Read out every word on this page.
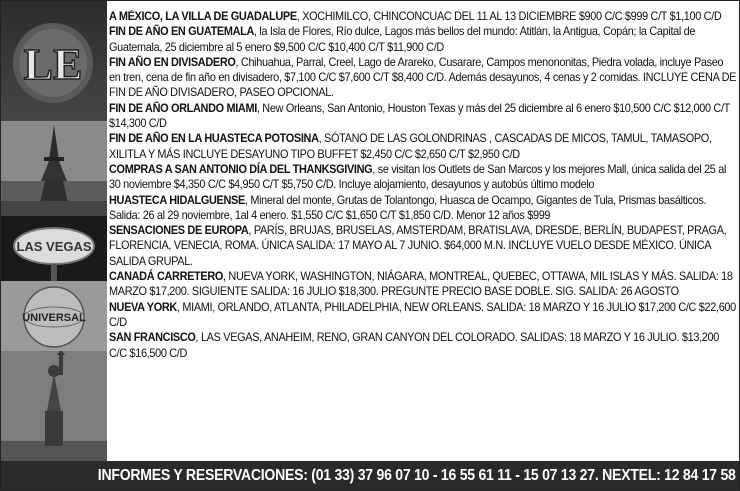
LE
LAS VEGAS
UNIVERSAL

A MÉXICO, LA VILLA DE GUADALUPE, XOCHIMILCO, CHINCONCUAC DEL 11 AL 13 DICIEMBRE $900 C/C $999 C/T $1,100 C/D

FIN DE AÑO EN GUATEMALA, la Isla de Flores, Río dulce, Lagos más bellos del mundo: Atitlán, la Antigua, Copán; la Capital de Guatemala, 25 diciembre al 5 enero $9,500 C/C $10,400 C/T $11,900 C/D

FIN AÑO EN DIVISADERO, Chihuahua, Parral, Creel, Lago de Arareko, Cusarare, Campos menononitas, Piedra volada, incluye Paseo en tren, cena de fin año en divisadero, $7,100 C/C $7,600 C/T $8,400 C/D. Además desayunos, 4 cenas y 2 comidas. INCLUYE CENA DE FIN DE AÑO DIVISADERO, PASEO OPCIONAL.

FIN DE AÑO ORLANDO MIAMI, New Orleans, San Antonio, Houston Texas y más del 25 diciembre al 6 enero $10,500 C/C $12,000 C/T $14,300 C/D

FIN DE AÑO EN LA HUASTECA POTOSINA, SÓTANO DE LAS GOLONDRINAS , CASCADAS DE MICOS, TAMUL, TAMASOPO, XILITLA Y MÁS INCLUYE DESAYUNO TIPO BUFFET $2,450 C/C $2,650 C/T $2,950 C/D

COMPRAS A SAN ANTONIO DÍA DEL THANKSGIVING, se visitan los Outlets de San Marcos y los mejores Mall, única salida del 25 al 30 noviembre $4,350 C/C $4,950 C/T $5,750 C/D. Incluye alojamiento, desayunos y autobús último modelo

HUASTECA HIDALGUENSE, Mineral del monte, Grutas de Tolantongo, Huasca de Ocampo, Gigantes de Tula, Prismas basálticos. Salida: 26 al 29 noviembre, 1al 4 enero. $1,550 C/C $1,650 C/T $1,850 C/D. Menor 12 años $999

SENSACIONES DE EUROPA, PARÍS, BRUJAS, BRUSELAS, AMSTERDAM, BRATISLAVA, DRESDE, BERLÍN, BUDAPEST, PRAGA, FLORENCIA, VENECIA, ROMA. ÚNICA SALIDA: 17 MAYO AL 7 JUNIO. $64,000 M.N. INCLUYE VUELO DESDE MÉXICO. ÚNICA SALIDA GRUPAL.

CANADÁ CARRETERO, NUEVA YORK, WASHINGTON, NIÁGARA, MONTREAL, QUEBEC, OTTAWA, MIL ISLAS Y MÁS. SALIDA: 18 MARZO $17,200. SIGUIENTE SALIDA: 16 JULIO $18,300. PREGUNTE PRECIO BASE DOBLE. SIG. SALIDA: 26 AGOSTO

NUEVA YORK, MIAMI, ORLANDO, ATLANTA, PHILADELPHIA, NEW ORLEANS. SALIDA: 18 MARZO Y 16 JULIO $17,200 C/C $22,600 C/D

SAN FRANCISCO, LAS VEGAS, ANAHEIM, RENO, GRAN CANYON DEL COLORADO. SALIDAS: 18 MARZO Y 16 JULIO. $13,200 C/C $16,500 C/D

INFORMES Y RESERVACIONES: (01 33) 37 96 07 10 - 16 55 61 11 - 15 07 13 27. NEXTEL: 12 84 17 58
